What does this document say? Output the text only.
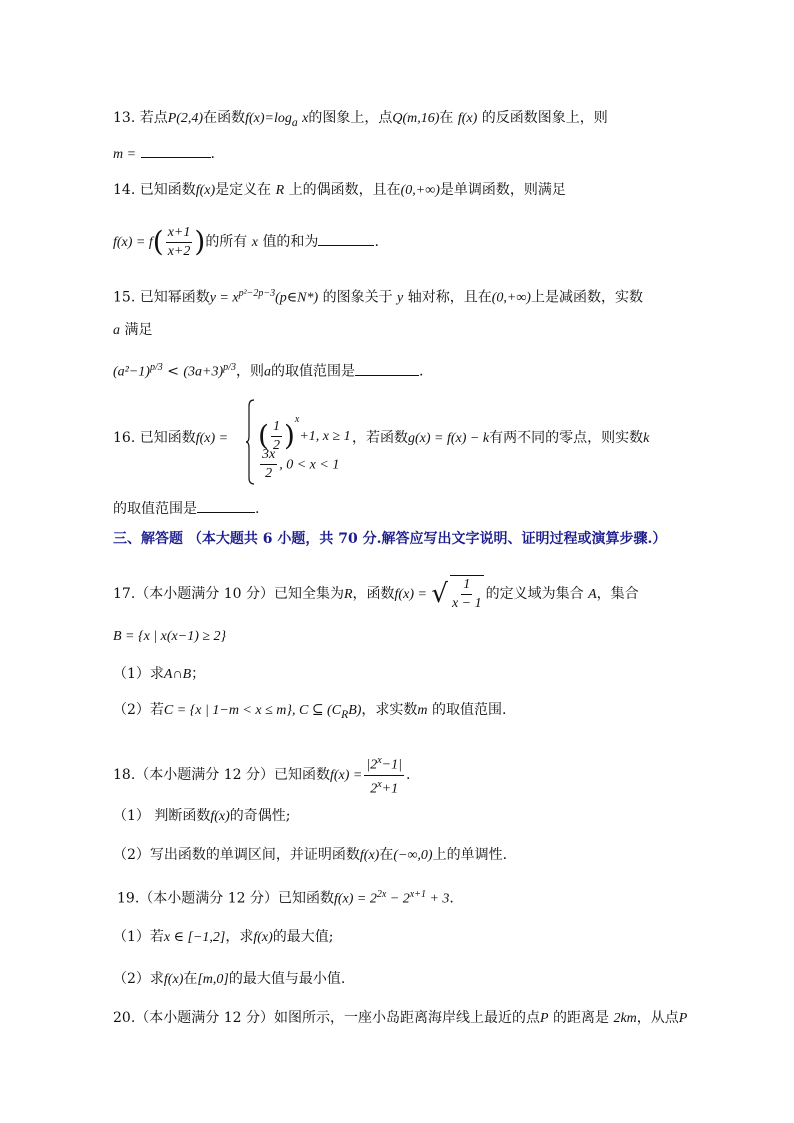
13. 若点P(2,4)在函数$f(x)=\log_a$ x的图象上，点Q(m,16)在 f(x) 的反函数图象上，则
m =	.
14. 已知函数f(x)是定义在 R 上的偶函数，且在(0,+∞)是单调函数，则满足
$f(x) = f( \frac{x+1}{x+2}$ )的所有 x 值的和为	.
15. 已知幂函数$y = x^{p^2-2p-3}(p\in N*)$ 的图象关于 y 轴对称，且在(0,+∞)上是减函数，实数
a 满足
$(a^2-1)^{p/3} < (3a+3)^{p/3}$，则a的取值范围是	.
16. 已知函数f(x) = ( $\frac{1}{2} )^x+1$, x ≥ 1
$\frac{3x}{2}$ , 0 < x < 1
，若函数g(x) = f(x) − k有两不同的零点，则实数k
的取值范围是	.
三、解答题 （本大题共 6 小题，共 70 分.解答应写出文字说明、证明过程或演算步骤.）
17.（本小题满分 10 分）已知全集为R，函数f(x) = √ $\frac{1}{x - 1}$ 的定义域为集合 A，集合
B = {x | x(x−1) ≥ 2}
（1）求A∩B；
（2）若C = {x | 1−m < x ≤ m}, C ⊆ $(C_RB)$，求实数m 的取值范围.
18.（本小题满分 12 分）已知函数$f(x) = \frac{|2^x-1|}{2^x+1}$ .
（1） 判断函数f(x)的奇偶性;
（2）写出函数的单调区间，并证明函数f(x)在(−∞,0)上的单调性.
19.（本小题满分 12 分）已知函数$f(x) = 2^{2x} - 2^{x+1} + 3$.
（1）若x ∈ [−1,2]，求f(x)的最大值;
（2）求f(x)在[m,0]的最大值与最小值.
20.（本小题满分 12 分）如图所示，一座小岛距离海岸线上最近的点P 的距离是 2km，从点P
